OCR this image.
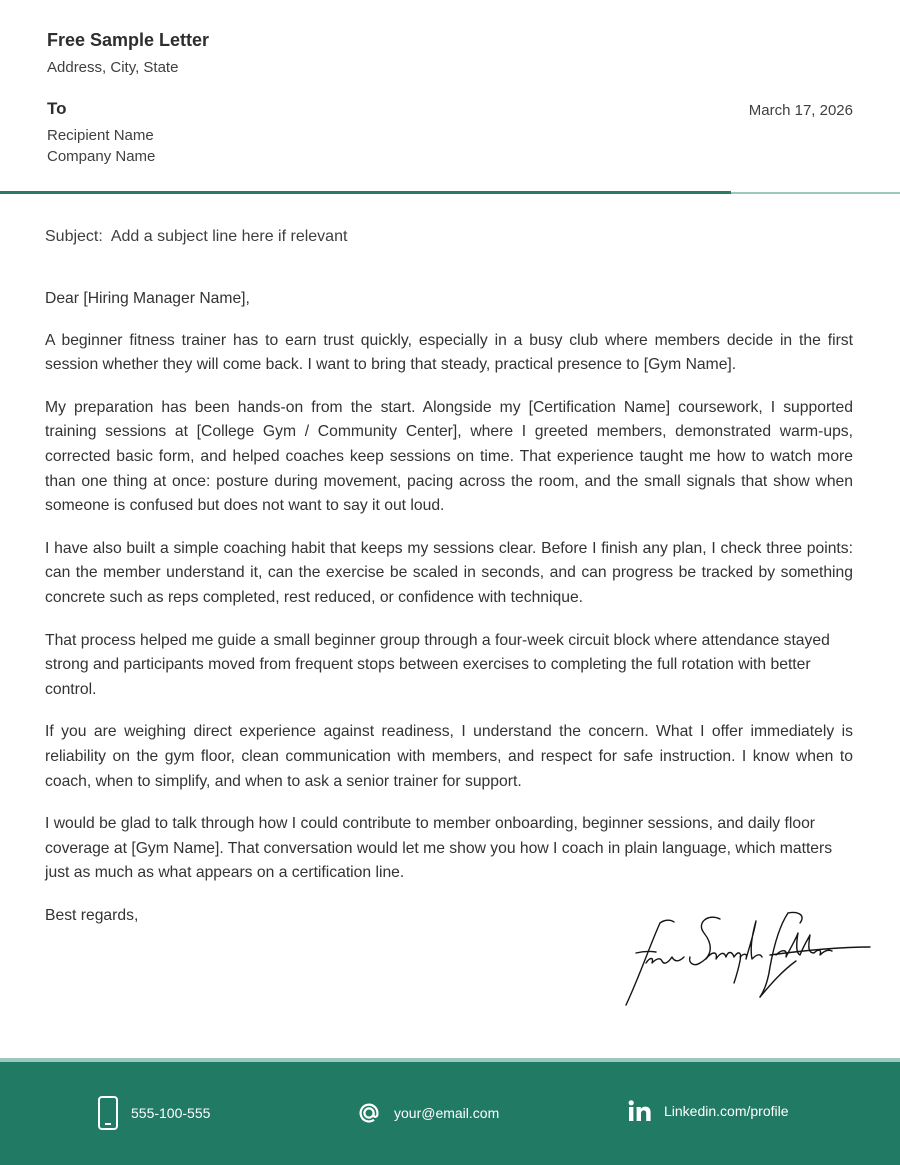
Free Sample Letter
Address, City, State
To
Recipient Name
Company Name
March 17, 2026
Subject:  Add a subject line here if relevant
Dear [Hiring Manager Name],

A beginner fitness trainer has to earn trust quickly, especially in a busy club where members decide in the first session whether they will come back. I want to bring that steady, practical presence to [Gym Name].

My preparation has been hands-on from the start. Alongside my [Certification Name] coursework, I supported training sessions at [College Gym / Community Center], where I greeted members, demonstrated warm-ups, corrected basic form, and helped coaches keep sessions on time. That experience taught me how to watch more than one thing at once: posture during movement, pacing across the room, and the small signals that show when someone is confused but does not want to say it out loud.

I have also built a simple coaching habit that keeps my sessions clear. Before I finish any plan, I check three points: can the member understand it, can the exercise be scaled in seconds, and can progress be tracked by something concrete such as reps completed, rest reduced, or confidence with technique.

That process helped me guide a small beginner group through a four-week circuit block where attendance stayed strong and participants moved from frequent stops between exercises to completing the full rotation with better control.

If you are weighing direct experience against readiness, I understand the concern. What I offer immediately is reliability on the gym floor, clean communication with members, and respect for safe instruction. I know when to coach, when to simplify, and when to ask a senior trainer for support.

I would be glad to talk through how I could contribute to member onboarding, beginner sessions, and daily floor coverage at [Gym Name]. That conversation would let me show you how I coach in plain language, which matters just as much as what appears on a certification line.

Best regards,
555-100-555	your@email.com	Linkedin.com/profile
